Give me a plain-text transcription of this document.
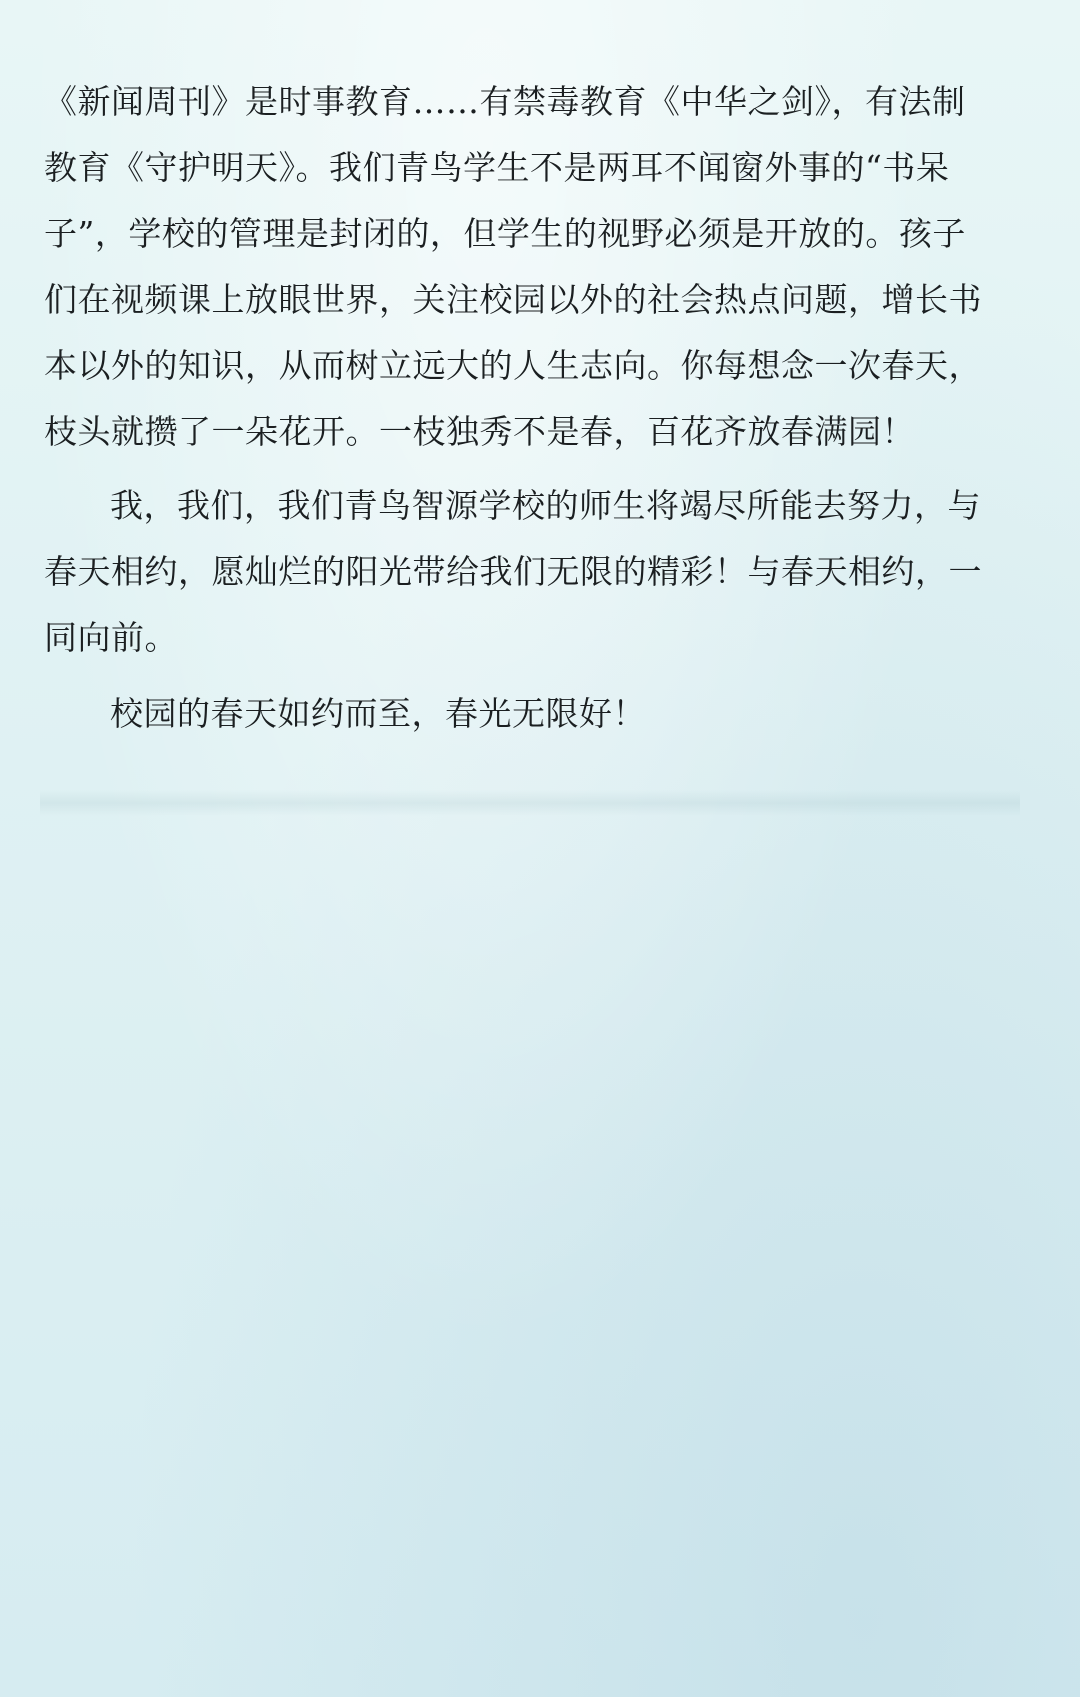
《新闻周刊》是时事教育……有禁毒教育《中华之剑》，有法制
教育《守护明天》。我们青鸟学生不是两耳不闻窗外事的“书呆
子”，学校的管理是封闭的，但学生的视野必须是开放的。孩子
们在视频课上放眼世界，关注校园以外的社会热点问题，增长书
本以外的知识，从而树立远大的人生志向。你每想念一次春天，
枝头就攒了一朵花开。一枝独秀不是春，百花齐放春满园！
我，我们，我们青鸟智源学校的师生将竭尽所能去努力，与
春天相约，愿灿烂的阳光带给我们无限的精彩！与春天相约，一
同向前。
校园的春天如约而至，春光无限好！
